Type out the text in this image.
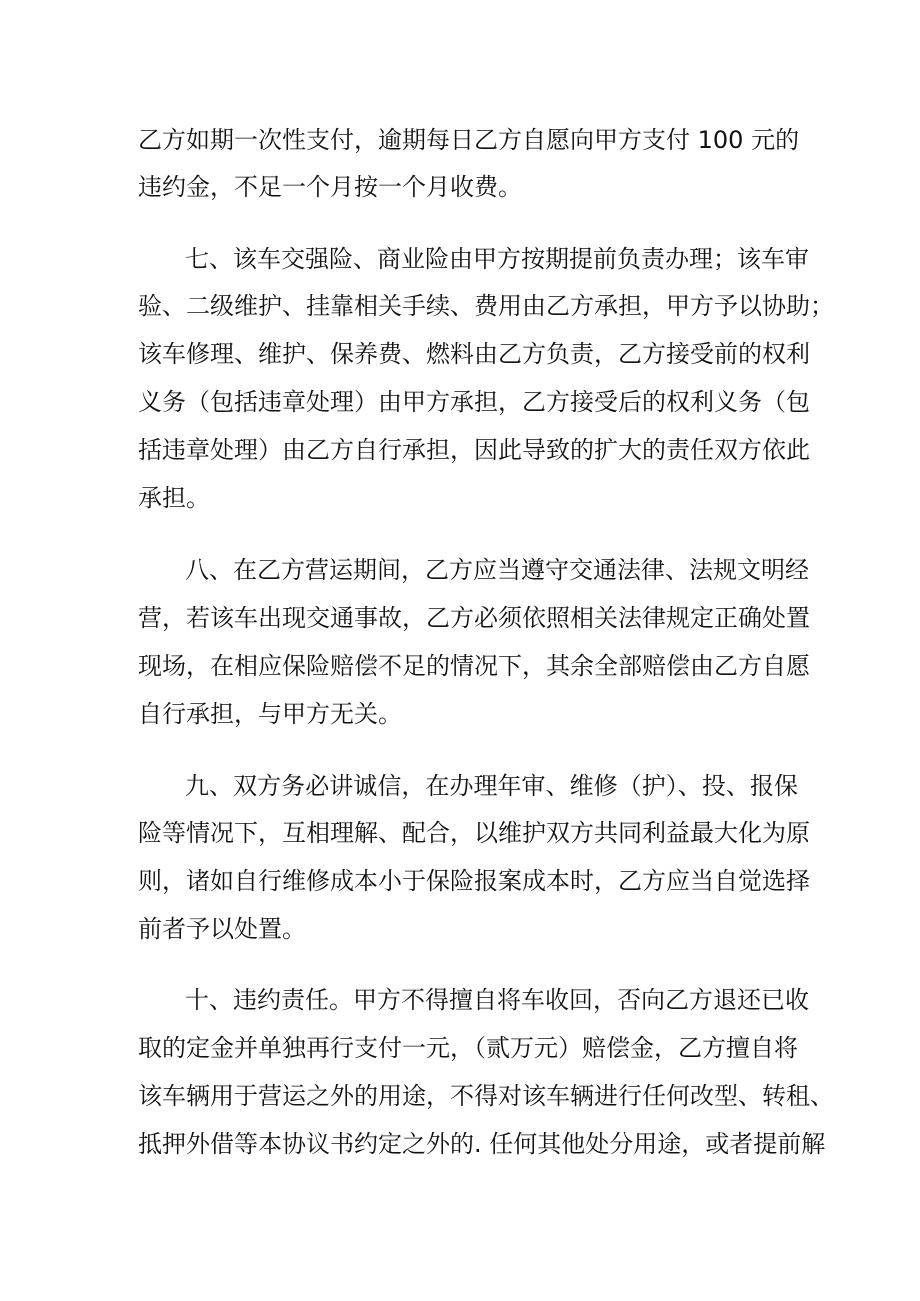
乙方如期一次性支付，逾期每日乙方自愿向甲方支付 100 元的
违约金，不足一个月按一个月收费。
七、该车交强险、商业险由甲方按期提前负责办理；该车审
验、二级维护、挂靠相关手续、费用由乙方承担，甲方予以协助；
该车修理、维护、保养费、燃料由乙方负责，乙方接受前的权利
义务（包括违章处理）由甲方承担，乙方接受后的权利义务（包
括违章处理）由乙方自行承担，因此导致的扩大的责任双方依此
承担。
八、在乙方营运期间，乙方应当遵守交通法律、法规文明经
营，若该车出现交通事故，乙方必须依照相关法律规定正确处置
现场，在相应保险赔偿不足的情况下，其余全部赔偿由乙方自愿
自行承担，与甲方无关。
九、双方务必讲诚信，在办理年审、维修（护）、投、报保
险等情况下，互相理解、配合，以维护双方共同利益最大化为原
则，诸如自行维修成本小于保险报案成本时，乙方应当自觉选择
前者予以处置。
十、违约责任。甲方不得擅自将车收回，否向乙方退还已收
取的定金并单独再行支付一元，（贰万元）赔偿金，乙方擅自将
该车辆用于营运之外的用途，不得对该车辆进行任何改型、转租、
抵押外借等本协议书约定之外的. 任何其他处分用途，或者提前解
